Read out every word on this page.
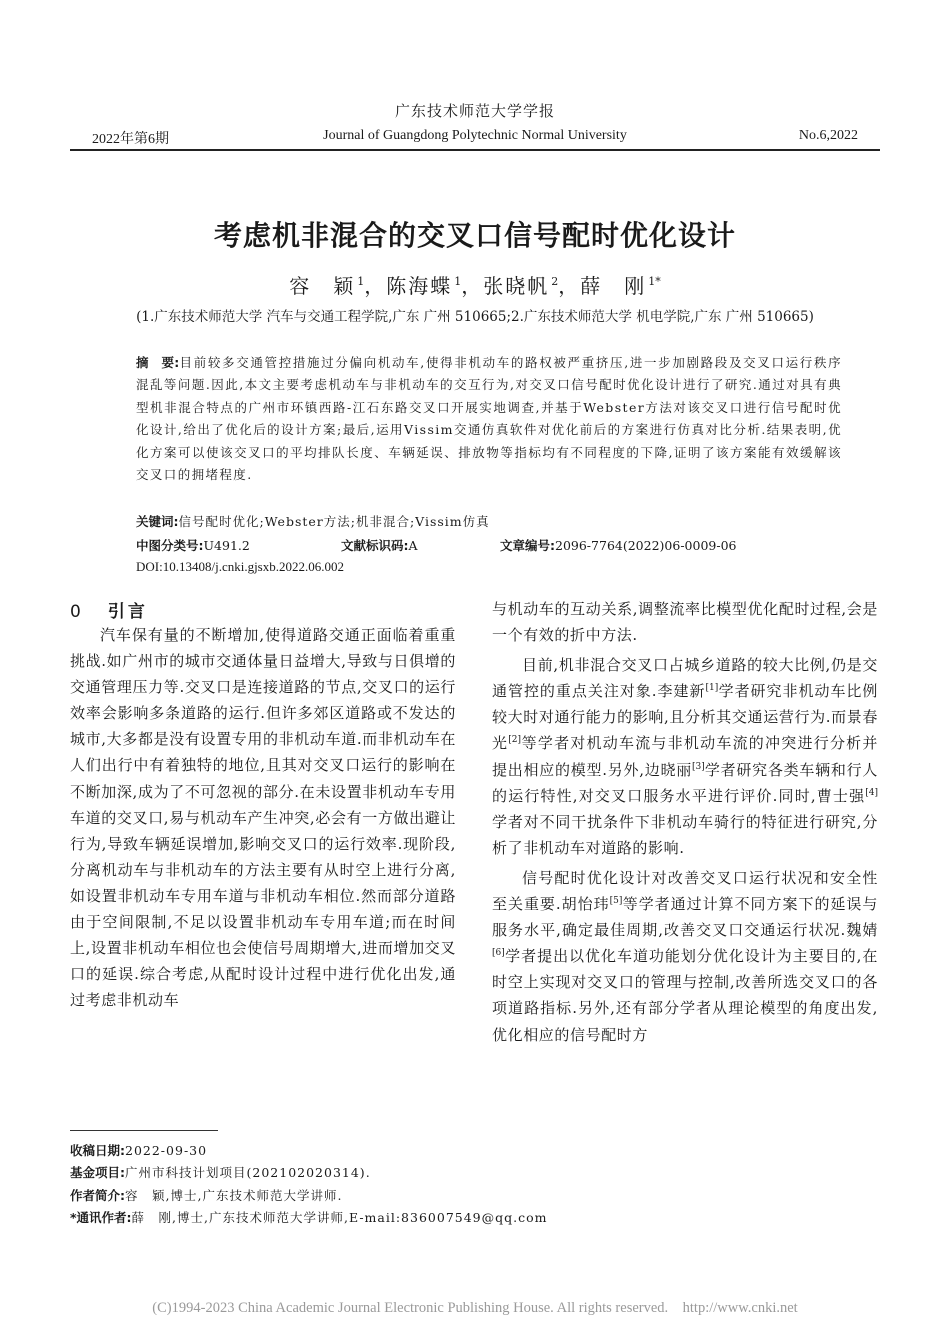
广东技术师范大学学报
2022年第6期	Journal of Guangdong Polytechnic Normal University	No.6,2022
考虑机非混合的交叉口信号配时优化设计
容　颖 $^1$，陈海蝶 $^1$，张晓帆 $^2$，薛　刚 $^{1*}$
(1.广东技术师范大学 汽车与交通工程学院,广东 广州 510665;2.广东技术师范大学 机电学院,广东 广州 510665)
摘　要:目前较多交通管控措施过分偏向机动车,使得非机动车的路权被严重挤压,进一步加剧路段及交叉口运行秩序混乱等问题.因此,本文主要考虑机动车与非机动车的交互行为,对交叉口信号配时优化设计进行了研究.通过对具有典型机非混合特点的广州市环镇西路-江石东路交叉口开展实地调查,并基于Webster方法对该交叉口进行信号配时优化设计,给出了优化后的设计方案;最后,运用Vissim交通仿真软件对优化前后的方案进行仿真对比分析.结果表明,优化方案可以使该交叉口的平均排队长度、车辆延误、排放物等指标均有不同程度的下降,证明了该方案能有效缓解该交叉口的拥堵程度.
关键词:信号配时优化;Webster方法;机非混合;Vissim仿真
中图分类号:U491.2	文献标识码:A	文章编号:2096-7764(2022)06-0009-06
DOI:10.13408/j.cnki.gjsxb.2022.06.002
0 引言

汽车保有量的不断增加,使得道路交通正面临着重重挑战.如广州市的城市交通体量日益增大,导致与日俱增的交通管理压力等.交叉口是连接道路的节点,交叉口的运行效率会影响多条道路的运行.但许多郊区道路或不发达的城市,大多都是没有设置专用的非机动车道.而非机动车在人们出行中有着独特的地位,且其对交叉口运行的影响在不断加深,成为了不可忽视的部分.在未设置非机动车专用车道的交叉口,易与机动车产生冲突,必会有一方做出避让行为,导致车辆延误增加,影响交叉口的运行效率.现阶段,分离机动车与非机动车的方法主要有从时空上进行分离,如设置非机动车专用车道与非机动车相位.然而部分道路由于空间限制,不足以设置非机动车专用车道;而在时间上,设置非机动车相位也会使信号周期增大,进而增加交叉口的延误.综合考虑,从配时设计过程中进行优化出发,通过考虑非机动车

与机动车的互动关系,调整流率比模型优化配时过程,会是一个有效的折中方法.

目前,机非混合交叉口占城乡道路的较大比例,仍是交通管控的重点关注对象.李建新[1]学者研究非机动车比例较大时对通行能力的影响,且分析其交通运营行为.而景春光[2]等学者对机动车流与非机动车流的冲突进行分析并提出相应的模型.另外,边晓丽[3]学者研究各类车辆和行人的运行特性,对交叉口服务水平进行评价.同时,曹士强[4]学者对不同干扰条件下非机动车骑行的特征进行研究,分析了非机动车对道路的影响.

信号配时优化设计对改善交叉口运行状况和安全性至关重要.胡怡玮[5]等学者通过计算不同方案下的延误与服务水平,确定最佳周期,改善交叉口交通运行状况.魏婧[6]学者提出以优化车道功能划分优化设计为主要目的,在时空上实现对交叉口的管理与控制,改善所选交叉口的各项道路指标.另外,还有部分学者从理论模型的角度出发,优化相应的信号配时方

收稿日期:2022-09-30
基金项目:广州市科技计划项目(202102020314).
作者简介:容　颖,博士,广东技术师范大学讲师.
*通讯作者:薛　刚,博士,广东技术师范大学讲师,E-mail:836007549@qq.com
(C)1994-2023 China Academic Journal Electronic Publishing House. All rights reserved.　http://www.cnki.net
